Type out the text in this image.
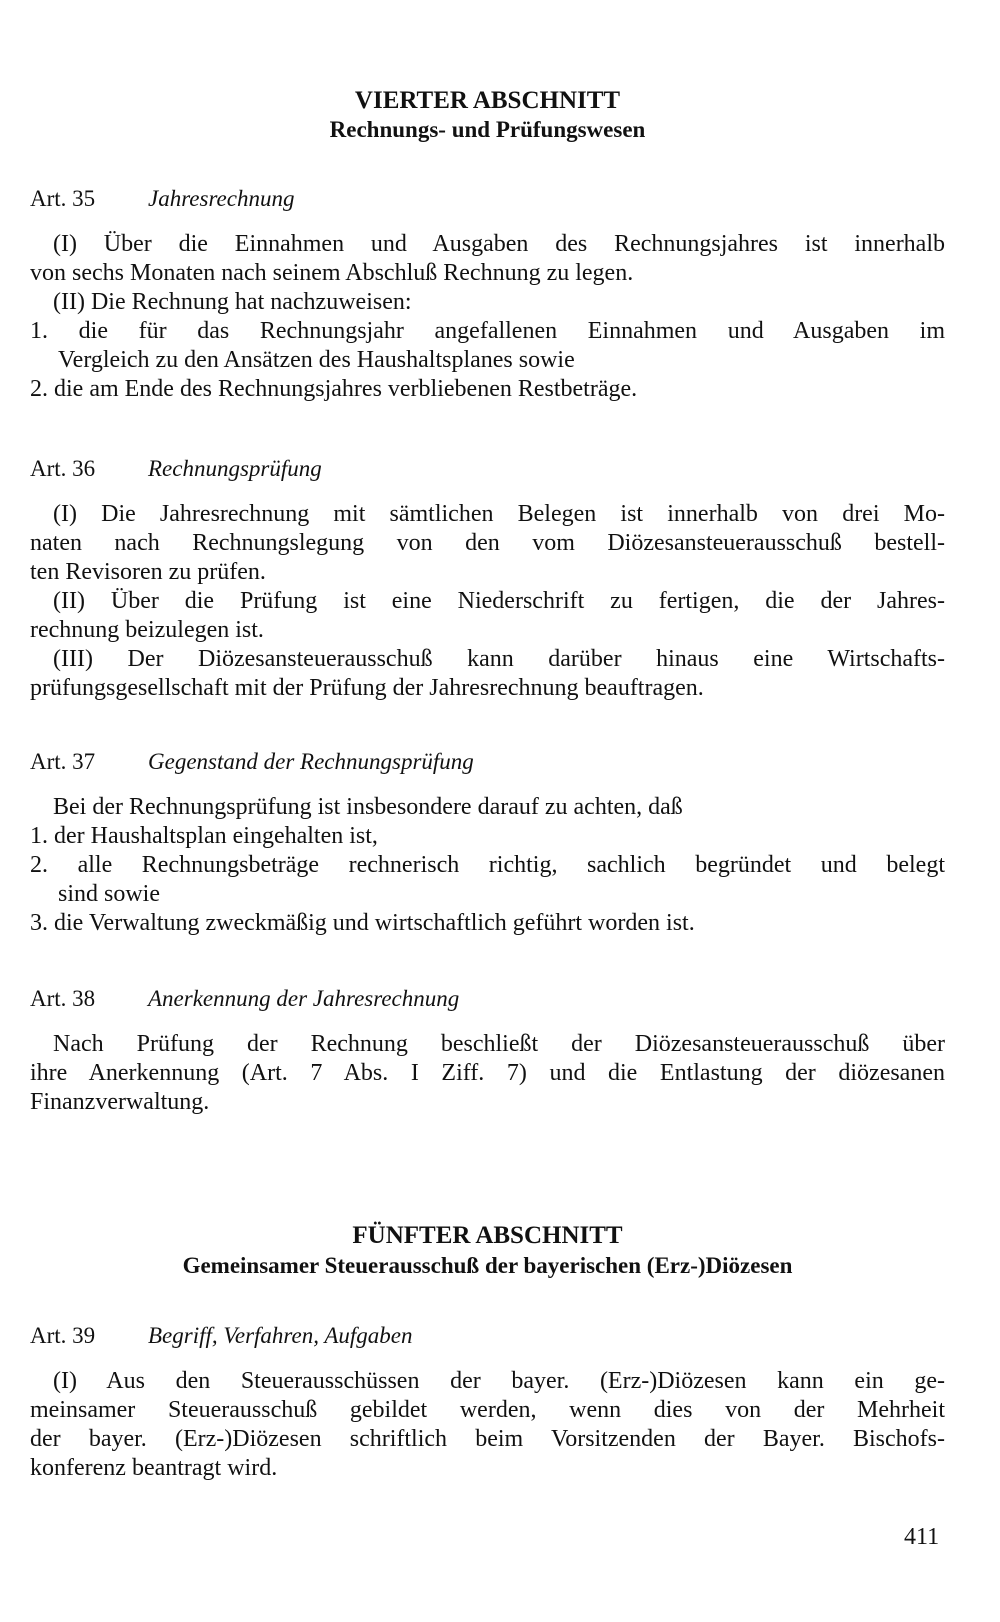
VIERTER ABSCHNITT
Rechnungs- und Prüfungswesen
Art. 35 Jahresrechnung
(I) Über die Einnahmen und Ausgaben des Rechnungsjahres ist innerhalb
von sechs Monaten nach seinem Abschluß Rechnung zu legen.
(II) Die Rechnung hat nachzuweisen:
1. die für das Rechnungsjahr angefallenen Einnahmen und Ausgaben im
Vergleich zu den Ansätzen des Haushaltsplanes sowie
2. die am Ende des Rechnungsjahres verbliebenen Restbeträge.
Art. 36 Rechnungsprüfung
(I) Die Jahresrechnung mit sämtlichen Belegen ist innerhalb von drei Mo-
naten nach Rechnungslegung von den vom Diözesansteuerausschuß bestell-
ten Revisoren zu prüfen.
(II) Über die Prüfung ist eine Niederschrift zu fertigen, die der Jahres-
rechnung beizulegen ist.
(III) Der Diözesansteuerausschuß kann darüber hinaus eine Wirtschafts-
prüfungsgesellschaft mit der Prüfung der Jahresrechnung beauftragen.
Art. 37 Gegenstand der Rechnungsprüfung
Bei der Rechnungsprüfung ist insbesondere darauf zu achten, daß
1. der Haushaltsplan eingehalten ist,
2. alle Rechnungsbeträge rechnerisch richtig, sachlich begründet und belegt
sind sowie
3. die Verwaltung zweckmäßig und wirtschaftlich geführt worden ist.
Art. 38 Anerkennung der Jahresrechnung
Nach Prüfung der Rechnung beschließt der Diözesansteuerausschuß über
ihre Anerkennung (Art. 7 Abs. I Ziff. 7) und die Entlastung der diözesanen
Finanzverwaltung.
FÜNFTER ABSCHNITT
Gemeinsamer Steuerausschuß der bayerischen (Erz-)Diözesen
Art. 39 Begriff, Verfahren, Aufgaben
(I) Aus den Steuerausschüssen der bayer. (Erz-)Diözesen kann ein ge-
meinsamer Steuerausschuß gebildet werden, wenn dies von der Mehrheit
der bayer. (Erz-)Diözesen schriftlich beim Vorsitzenden der Bayer. Bischofs-
konferenz beantragt wird.
411
